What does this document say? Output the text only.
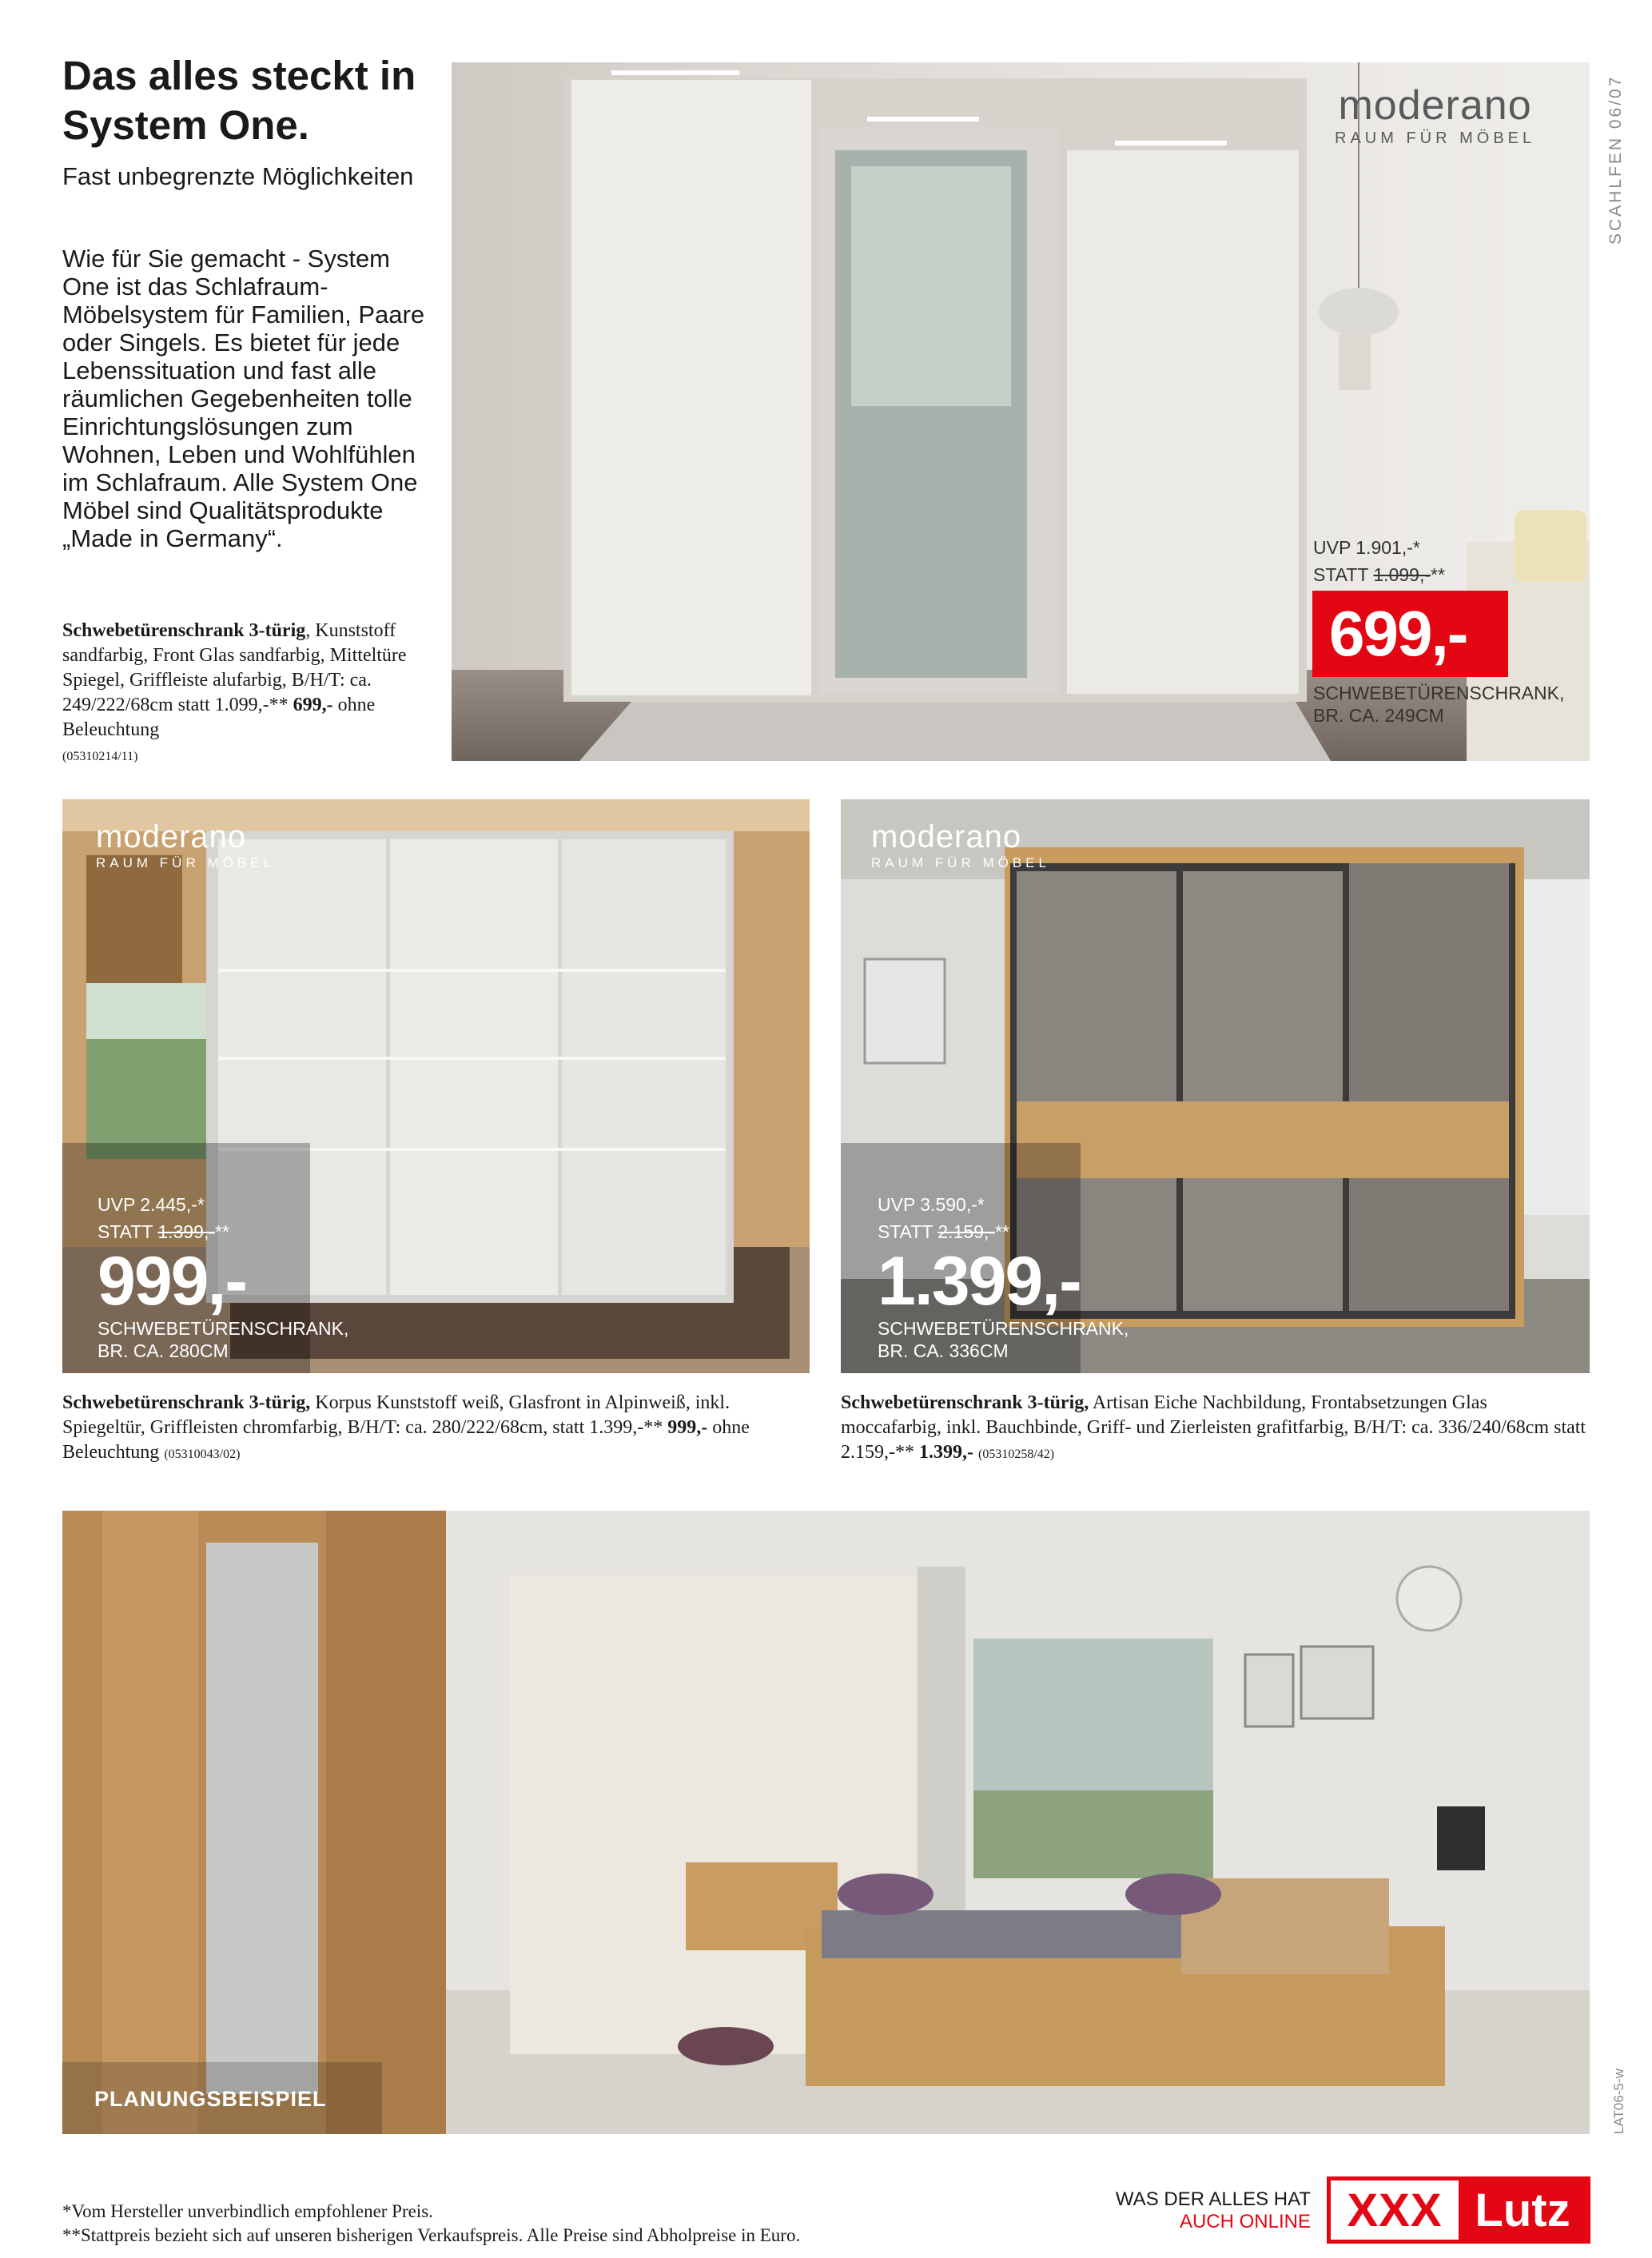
Das alles steckt in System One.

Fast unbegrenzte Möglichkeiten

Wie für Sie gemacht - System One ist das Schlafraum-Möbelsystem für Familien, Paare oder Singels. Es bietet für jede Lebenssituation und fast alle räumlichen Gegebenheiten tolle Einrichtungslösungen zum Wohnen, Leben und Wohlfühlen im Schlafraum. Alle System One Möbel sind Qualitätsprodukte „Made in Germany“.

Schwebetürenschrank 3-türig, Kunststoff sandfarbig, Front Glas sandfarbig, Mitteltüre Spiegel, Griffleiste alufarbig, B/H/T: ca. 249/222/68cm statt 1.099,-** 699,- ohne Beleuchtung
(05310214/11)

SCAHLFEN 06/07
LAT06-5-w
moderano
RAUM FÜR MÖBEL
UVP 1.901,-*
STATT 1.099,-**
699,-
SCHWEBETÜRENSCHRANK,
BR. CA. 249CM
moderano
RAUM FÜR MÖBEL
UVP 2.445,-*
STATT 1.399,-**
999,-
SCHWEBETÜRENSCHRANK,
BR. CA. 280CM

Schwebetürenschrank 3-türig, Korpus Kunststoff weiß, Glasfront in Alpinweiß, inkl. Spiegeltür, Griffleisten chromfarbig, B/H/T: ca. 280/222/68cm, statt 1.399,-** 999,- ohne Beleuchtung (05310043/02)

moderano
RAUM FÜR MÖBEL
UVP 3.590,-*
STATT 2.159,-**
1.399,-
SCHWEBETÜRENSCHRANK,
BR. CA. 336CM

Schwebetürenschrank 3-türig, Artisan Eiche Nachbildung, Frontabsetzungen Glas moccafarbig, inkl. Bauchbinde, Griff- und Zierleisten grafitfarbig, B/H/T: ca. 336/240/68cm statt 2.159,-** 1.399,- (05310258/42)

PLANUNGSBEISPIEL
*Vom Hersteller unverbindlich empfohlener Preis.
**Stattpreis bezieht sich auf unseren bisherigen Verkaufspreis. Alle Preise sind Abholpreise in Euro.
WAS DER ALLES HAT
AUCH ONLINE XXX Lutz
